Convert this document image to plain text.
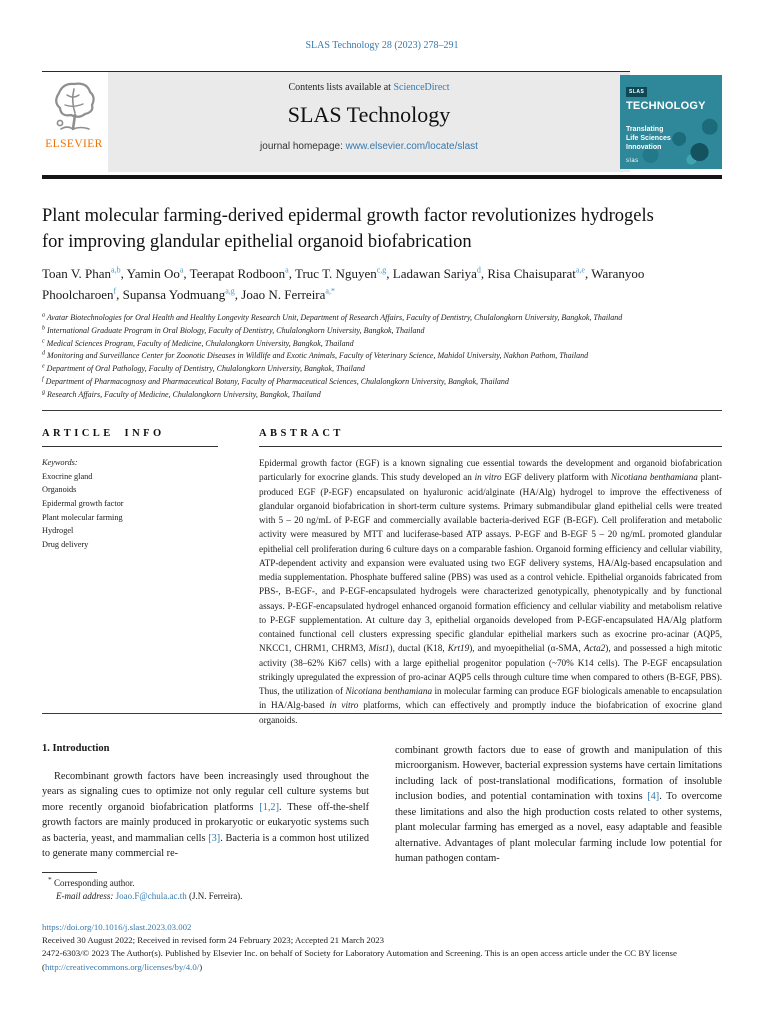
SLAS Technology 28 (2023) 278–291
ELSEVIER
Contents lists available at ScienceDirect
SLAS Technology
journal homepage: www.elsevier.com/locate/slast
SLAS
TECHNOLOGY
Translating
Life Sciences
Innovation
slas
Plant molecular farming-derived epidermal growth factor revolutionizes hydrogels for improving glandular epithelial organoid biofabrication
Toan V. Phan$^{a,b}$, Yamin Oo$^a$, Teerapat Rodboon$^a$, Truc T. Nguyen$^{c,g}$, Ladawan Sariya$^d$, Risa Chaisuparat$^{a,e}$, Waranyoo Phoolcharoen$^f$, Supansa Yodmuang$^{a,g}$, Joao N. Ferreira$^{a,*}$
$^a$ Avatar Biotechnologies for Oral Health and Healthy Longevity Research Unit, Department of Research Affairs, Faculty of Dentistry, Chulalongkorn University, Bangkok, Thailand
$^b$ International Graduate Program in Oral Biology, Faculty of Dentistry, Chulalongkorn University, Bangkok, Thailand
$^c$ Medical Sciences Program, Faculty of Medicine, Chulalongkorn University, Bangkok, Thailand
$^d$ Monitoring and Surveillance Center for Zoonotic Diseases in Wildlife and Exotic Animals, Faculty of Veterinary Science, Mahidol University, Nakhon Pathom, Thailand
$^e$ Department of Oral Pathology, Faculty of Dentistry, Chulalongkorn University, Bangkok, Thailand
$^f$ Department of Pharmacognosy and Pharmaceutical Botany, Faculty of Pharmaceutical Sciences, Chulalongkorn University, Bangkok, Thailand
$^g$ Research Affairs, Faculty of Medicine, Chulalongkorn University, Bangkok, Thailand
ARTICLE INFO
Keywords:
Exocrine gland
Organoids
Epidermal growth factor
Plant molecular farming
Hydrogel
Drug delivery
ABSTRACT

Epidermal growth factor (EGF) is a known signaling cue essential towards the development and organoid biofabrication particularly for exocrine glands. This study developed an in vitro EGF delivery platform with Nicotiana benthamiana plant-produced EGF (P-EGF) encapsulated on hyaluronic acid/alginate (HA/Alg) hydrogel to improve the effectiveness of glandular organoid biofabrication in short-term culture systems. Primary submandibular gland epithelial cells were treated with 5 – 20 ng/mL of P-EGF and commercially available bacteria-derived EGF (B-EGF). Cell proliferation and metabolic activity were measured by MTT and luciferase-based ATP assays. P-EGF and B-EGF 5 – 20 ng/mL promoted glandular epithelial cell proliferation during 6 culture days on a comparable fashion. Organoid forming efficiency and cellular viability, ATP-dependent activity and expansion were evaluated using two EGF delivery systems, HA/Alg-based encapsulation and media supplementation. Phosphate buffered saline (PBS) was used as a control vehicle. Epithelial organoids fabricated from PBS-, B-EGF-, and P-EGF-encapsulated hydrogels were characterized genotypically, phenotypically and by functional assays. P-EGF-encapsulated hydrogel enhanced organoid formation efficiency and cellular viability and metabolism relative to P-EGF supplementation. At culture day 3, epithelial organoids developed from P-EGF-encapsulated HA/Alg platform contained functional cell clusters expressing specific glandular epithelial markers such as exocrine pro-acinar (AQP5, NKCC1, CHRM1, CHRM3, Mist1), ductal (K18, Krt19), and myoepithelial (α-SMA, Acta2), and possessed a high mitotic activity (38–62% Ki67 cells) with a large epithelial progenitor population (~70% K14 cells). The P-EGF encapsulation strikingly upregulated the expression of pro-acinar AQP5 cells through culture time when compared to others (B-EGF, PBS). Thus, the utilization of Nicotiana benthamiana in molecular farming can produce EGF biologicals amenable to encapsulation in HA/Alg-based in vitro platforms, which can effectively and promptly induce the biofabrication of exocrine gland organoids.

1. Introduction

Recombinant growth factors have been increasingly used throughout the years as signaling cues to optimize not only regular cell culture systems but more recently organoid biofabrication platforms [1,2]. These off-the-shelf growth factors are mainly produced in prokaryotic or eukaryotic systems such as bacteria, yeast, and mammalian cells [3]. Bacteria is a common host utilized to generate many commercial re-

combinant growth factors due to ease of growth and manipulation of this microorganism. However, bacterial expression systems have certain limitations including lack of post-translational modifications, formation of insoluble inclusion bodies, and potential contamination with toxins [4]. To overcome these limitations and also the high production costs related to other systems, plant molecular farming has emerged as a novel, easy adaptable and feasible alternative. Advantages of plant molecular farming include low potential for human pathogen contam-

* Corresponding author.
E-mail address: Joao.F@chula.ac.th (J.N. Ferreira).
https://doi.org/10.1016/j.slast.2023.03.002
Received 30 August 2022; Received in revised form 24 February 2023; Accepted 21 March 2023
2472-6303/© 2023 The Author(s). Published by Elsevier Inc. on behalf of Society for Laboratory Automation and Screening. This is an open access article under the CC BY license (http://creativecommons.org/licenses/by/4.0/)
